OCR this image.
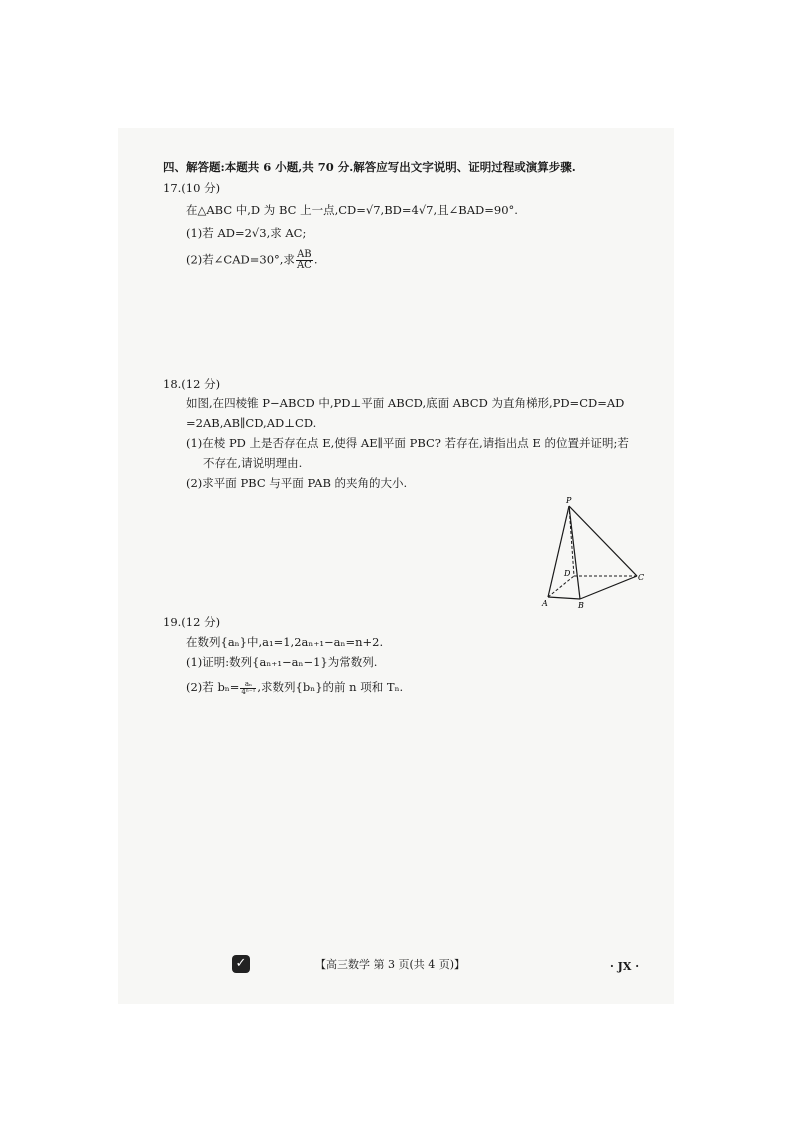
四、解答题:本题共 6 小题,共 70 分.解答应写出文字说明、证明过程或演算步骤.
17.(10 分)
在△ABC 中,D 为 BC 上一点,CD=√7,BD=4√7,且∠BAD=90°.
(1)若 AD=2√3,求 AC;
(2)若∠CAD=30°,求 $\frac{AB}{AC}$ .
18.(12 分)
如图,在四棱锥 P−ABCD 中,PD⊥平面 ABCD,底面 ABCD 为直角梯形,PD=CD=AD
=2AB,AB∥CD,AD⊥CD.
(1)在棱 PD 上是否存在点 E,使得 AE∥平面 PBC? 若存在,请指出点 E 的位置并证明;若
不存在,请说明理由.
(2)求平面 PBC 与平面 PAB 的夹角的大小.
P
D	C
A	B
19.(12 分)
在数列{aₙ}中,a₁=1,2aₙ₊₁−aₙ=n+2.
(1)证明:数列{aₙ₊₁−aₙ−1}为常数列.
(2)若 $b_n= \frac{\text{aₙ}}{\text{4ⁿ⁻¹}}$ ,求数列{bₙ}的前 n 项和 Tₙ.
✓	【高三数学 第 3 页(共 4 页)】	· JX ·
